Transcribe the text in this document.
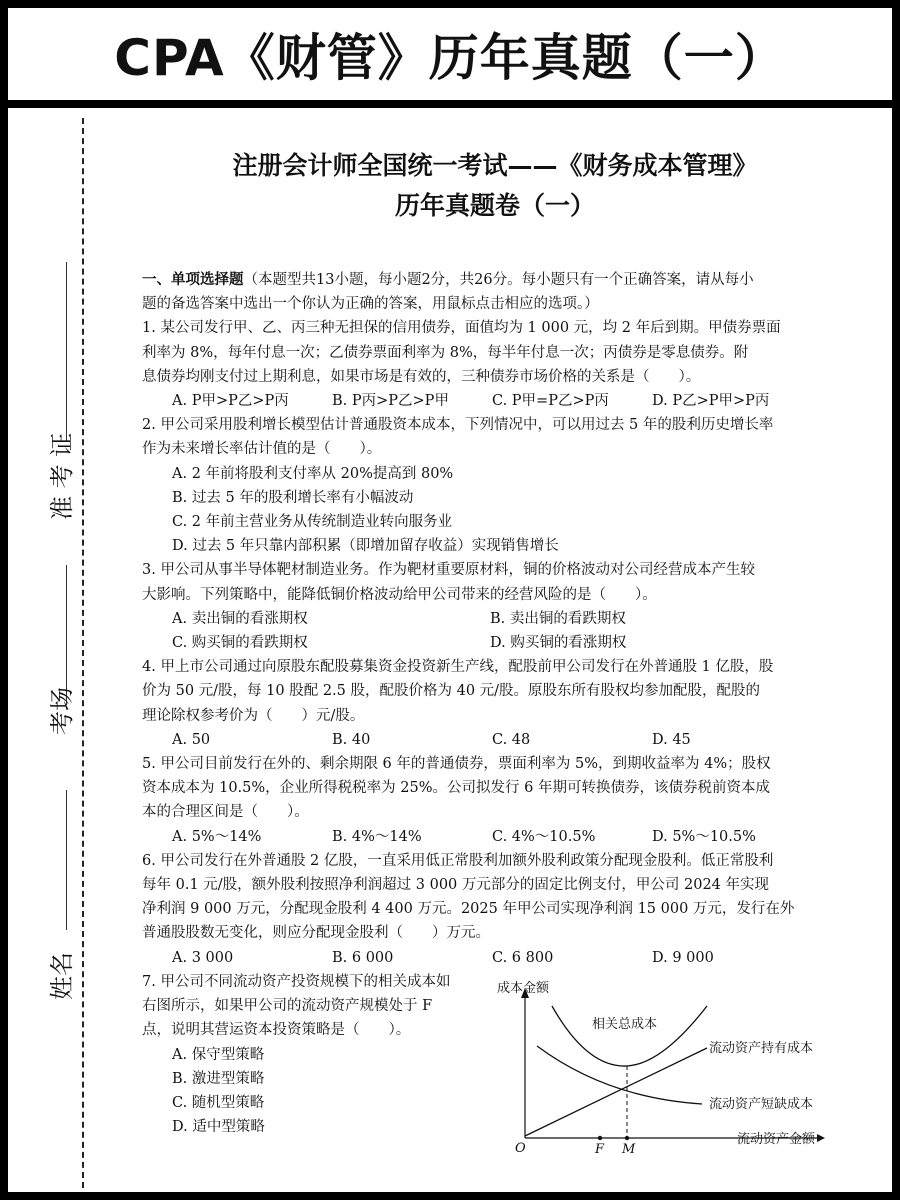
CPA《财管》历年真题（一）
准 考 证
考场
姓名
注册会计师全国统一考试——《财务成本管理》
历年真题卷（一）
一、单项选择题（本题型共13小题，每小题2分，共26分。每小题只有一个正确答案，请从每小
题的备选答案中选出一个你认为正确的答案，用鼠标点击相应的选项。）
1. 某公司发行甲、乙、丙三种无担保的信用债券，面值均为 1 000 元，均 2 年后到期。甲债券票面
利率为 8%，每年付息一次；乙债券票面利率为 8%，每半年付息一次；丙债券是零息债券。附
息债券均刚支付过上期利息，如果市场是有效的，三种债券市场价格的关系是（　　）。
A. P甲>P乙>P丙	B. P丙>P乙>P甲	C. P甲=P乙>P丙	D. P乙>P甲>P丙
2. 甲公司采用股利增长模型估计普通股资本成本，下列情况中，可以用过去 5 年的股利历史增长率
作为未来增长率估计值的是（　　）。
A. 2 年前将股利支付率从 20%提高到 80%
B. 过去 5 年的股利增长率有小幅波动
C. 2 年前主营业务从传统制造业转向服务业
D. 过去 5 年只靠内部积累（即增加留存收益）实现销售增长
3. 甲公司从事半导体靶材制造业务。作为靶材重要原材料，铜的价格波动对公司经营成本产生较
大影响。下列策略中，能降低铜价格波动给甲公司带来的经营风险的是（　　）。
A. 卖出铜的看涨期权	B. 卖出铜的看跌期权
C. 购买铜的看跌期权	D. 购买铜的看涨期权
4. 甲上市公司通过向原股东配股募集资金投资新生产线，配股前甲公司发行在外普通股 1 亿股，股
价为 50 元/股，每 10 股配 2.5 股，配股价格为 40 元/股。原股东所有股权均参加配股，配股的
理论除权参考价为（　　）元/股。
A. 50	B. 40	C. 48	D. 45
5. 甲公司目前发行在外的、剩余期限 6 年的普通债券，票面利率为 5%，到期收益率为 4%；股权
资本成本为 10.5%，企业所得税税率为 25%。公司拟发行 6 年期可转换债券，该债券税前资本成
本的合理区间是（　　）。
A. 5%～14%	B. 4%～14%	C. 4%～10.5%	D. 5%～10.5%
6. 甲公司发行在外普通股 2 亿股，一直采用低正常股利加额外股利政策分配现金股利。低正常股利
每年 0.1 元/股，额外股利按照净利润超过 3 000 万元部分的固定比例支付，甲公司 2024 年实现
净利润 9 000 万元，分配现金股利 4 400 万元。2025 年甲公司实现净利润 15 000 万元，发行在外
普通股股数无变化，则应分配现金股利（　　）万元。
A. 3 000	B. 6 000	C. 6 800	D. 9 000
7. 甲公司不同流动资产投资规模下的相关成本如
右图所示，如果甲公司的流动资产规模处于 F
点，说明其营运资本投资策略是（　　）。
A. 保守型策略
B. 激进型策略
C. 随机型策略
D. 适中型策略
成本金额
O	F M
相关总成本
流动资产持有成本
流动资产短缺成本
流动资产金额
